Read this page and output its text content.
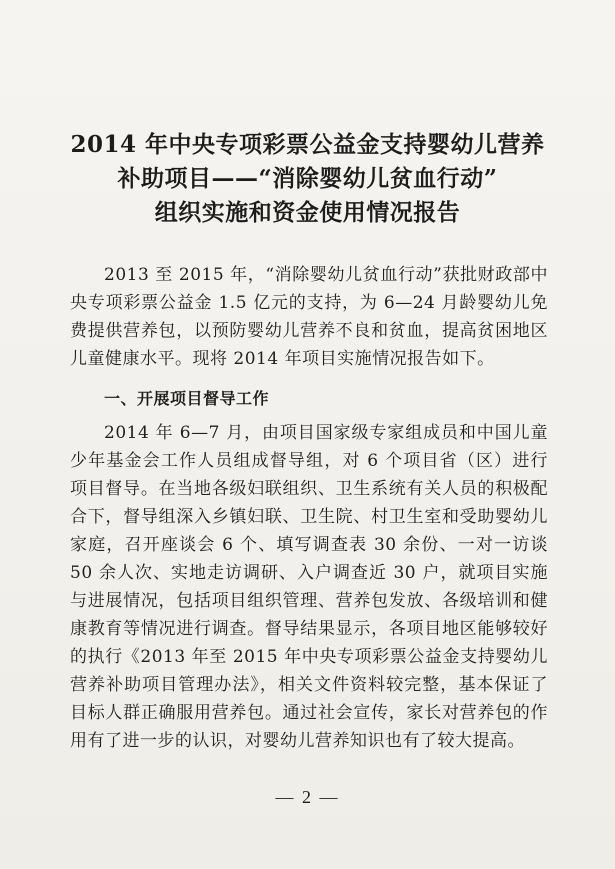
2014 年中央专项彩票公益金支持婴幼儿营养
补助项目——“消除婴幼儿贫血行动”
组织实施和资金使用情况报告
2013 至 2015 年，“消除婴幼儿贫血行动”获批财政部中央专项彩票公益金 1.5 亿元的支持，为 6—24 月龄婴幼儿免费提供营养包，以预防婴幼儿营养不良和贫血，提高贫困地区儿童健康水平。现将 2014 年项目实施情况报告如下。
一、开展项目督导工作
2014 年 6—7 月，由项目国家级专家组成员和中国儿童少年基金会工作人员组成督导组，对 6 个项目省（区）进行项目督导。在当地各级妇联组织、卫生系统有关人员的积极配合下，督导组深入乡镇妇联、卫生院、村卫生室和受助婴幼儿家庭，召开座谈会 6 个、填写调查表 30 余份、一对一访谈 50 余人次、实地走访调研、入户调查近 30 户，就项目实施与进展情况，包括项目组织管理、营养包发放、各级培训和健康教育等情况进行调查。督导结果显示，各项目地区能够较好的执行《2013 年至 2015 年中央专项彩票公益金支持婴幼儿营养补助项目管理办法》，相关文件资料较完整，基本保证了目标人群正确服用营养包。通过社会宣传，家长对营养包的作用有了进一步的认识，对婴幼儿营养知识也有了较大提高。
— 2 —
